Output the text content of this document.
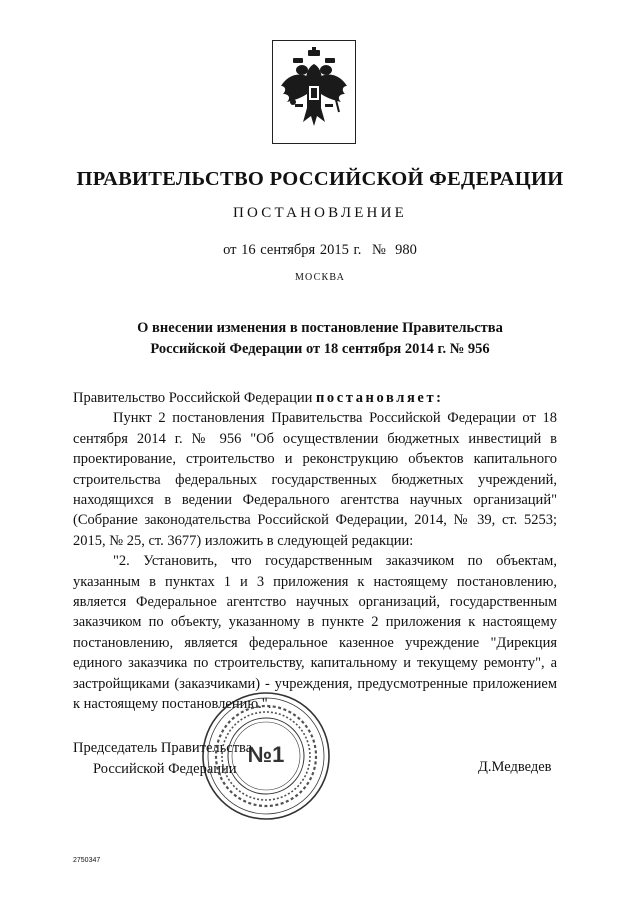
ПРАВИТЕЛЬСТВО РОССИЙСКОЙ ФЕДЕРАЦИИ
ПОСТАНОВЛЕНИЕ
от 16 сентября 2015 г. № 980
МОСКВА
О внесении изменения в постановление Правительства
Российской Федерации от 18 сентября 2014 г. № 956

Правительство Российской Федерации постановляет:

Пункт 2 постановления Правительства Российской Федерации от 18 сентября 2014 г. № 956 "Об осуществлении бюджетных инвестиций в проектирование, строительство и реконструкцию объектов капитального строительства федеральных государственных бюджетных учреждений, находящихся в ведении Федерального агентства научных организаций" (Собрание законодательства Российской Федерации, 2014, № 39, ст. 5253; 2015, № 25, ст. 3677) изложить в следующей редакции:

"2. Установить, что государственным заказчиком по объектам, указанным в пунктах 1 и 3 приложения к настоящему постановлению, является Федеральное агентство научных организаций, государственным заказчиком по объекту, указанному в пункте 2 приложения к настоящему постановлению, является федеральное казенное учреждение "Дирекция единого заказчика по строительству, капитальному и текущему ремонту", а застройщиками (заказчиками) - учреждения, предусмотренные приложением к настоящему постановлению.".

Председатель Правительства
Российской Федерации
№1	Д.Медведев
2750347
